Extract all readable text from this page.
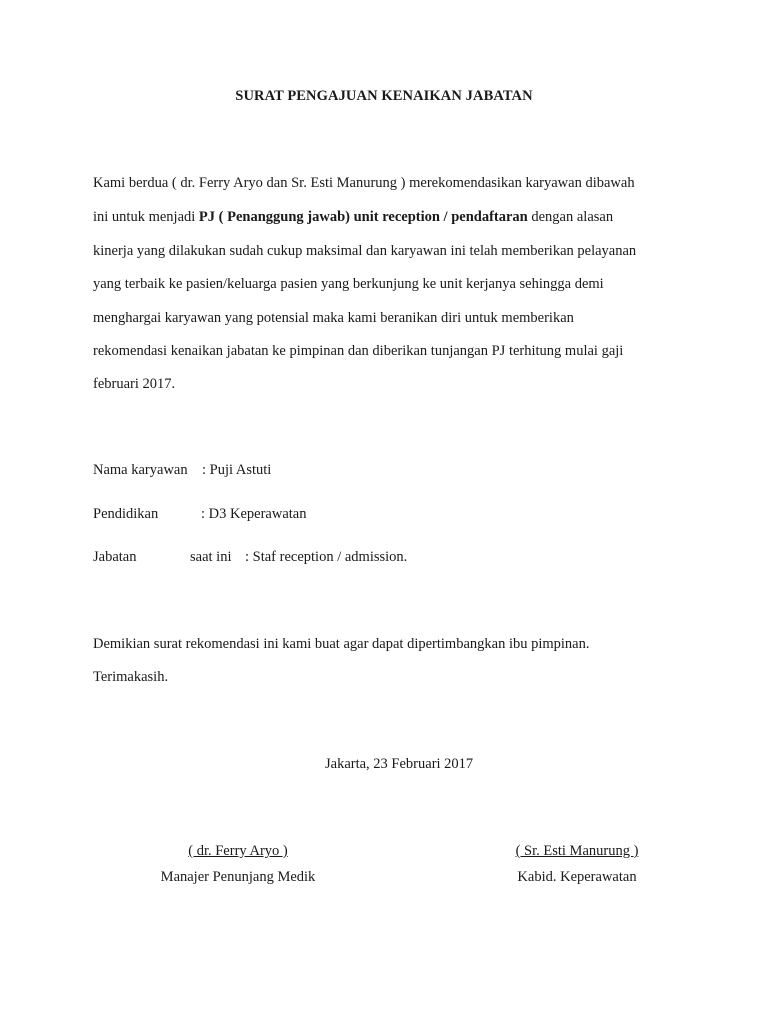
SURAT PENGAJUAN KENAIKAN JABATAN
Kami berdua ( dr. Ferry Aryo dan Sr. Esti Manurung ) merekomendasikan karyawan dibawah
ini untuk menjadi PJ ( Penanggung jawab) unit reception / pendaftaran dengan alasan
kinerja yang dilakukan sudah cukup maksimal dan karyawan ini telah memberikan pelayanan
yang terbaik ke pasien/keluarga pasien yang berkunjung ke unit kerjanya sehingga demi
menghargai karyawan yang potensial maka kami beranikan diri untuk memberikan
rekomendasi kenaikan jabatan ke pimpinan dan diberikan tunjangan PJ terhitung mulai gaji
februari 2017.
Nama karyawan : Puji Astuti
Pendidikan	: D3 Keperawatan
Jabatan	saat ini : Staf reception / admission.
Demikian surat rekomendasi ini kami buat agar dapat dipertimbangkan ibu pimpinan.
Terimakasih.
Jakarta, 23 Februari 2017
( dr. Ferry Aryo )
Manajer Penunjang Medik
( Sr. Esti Manurung )
Kabid. Keperawatan
